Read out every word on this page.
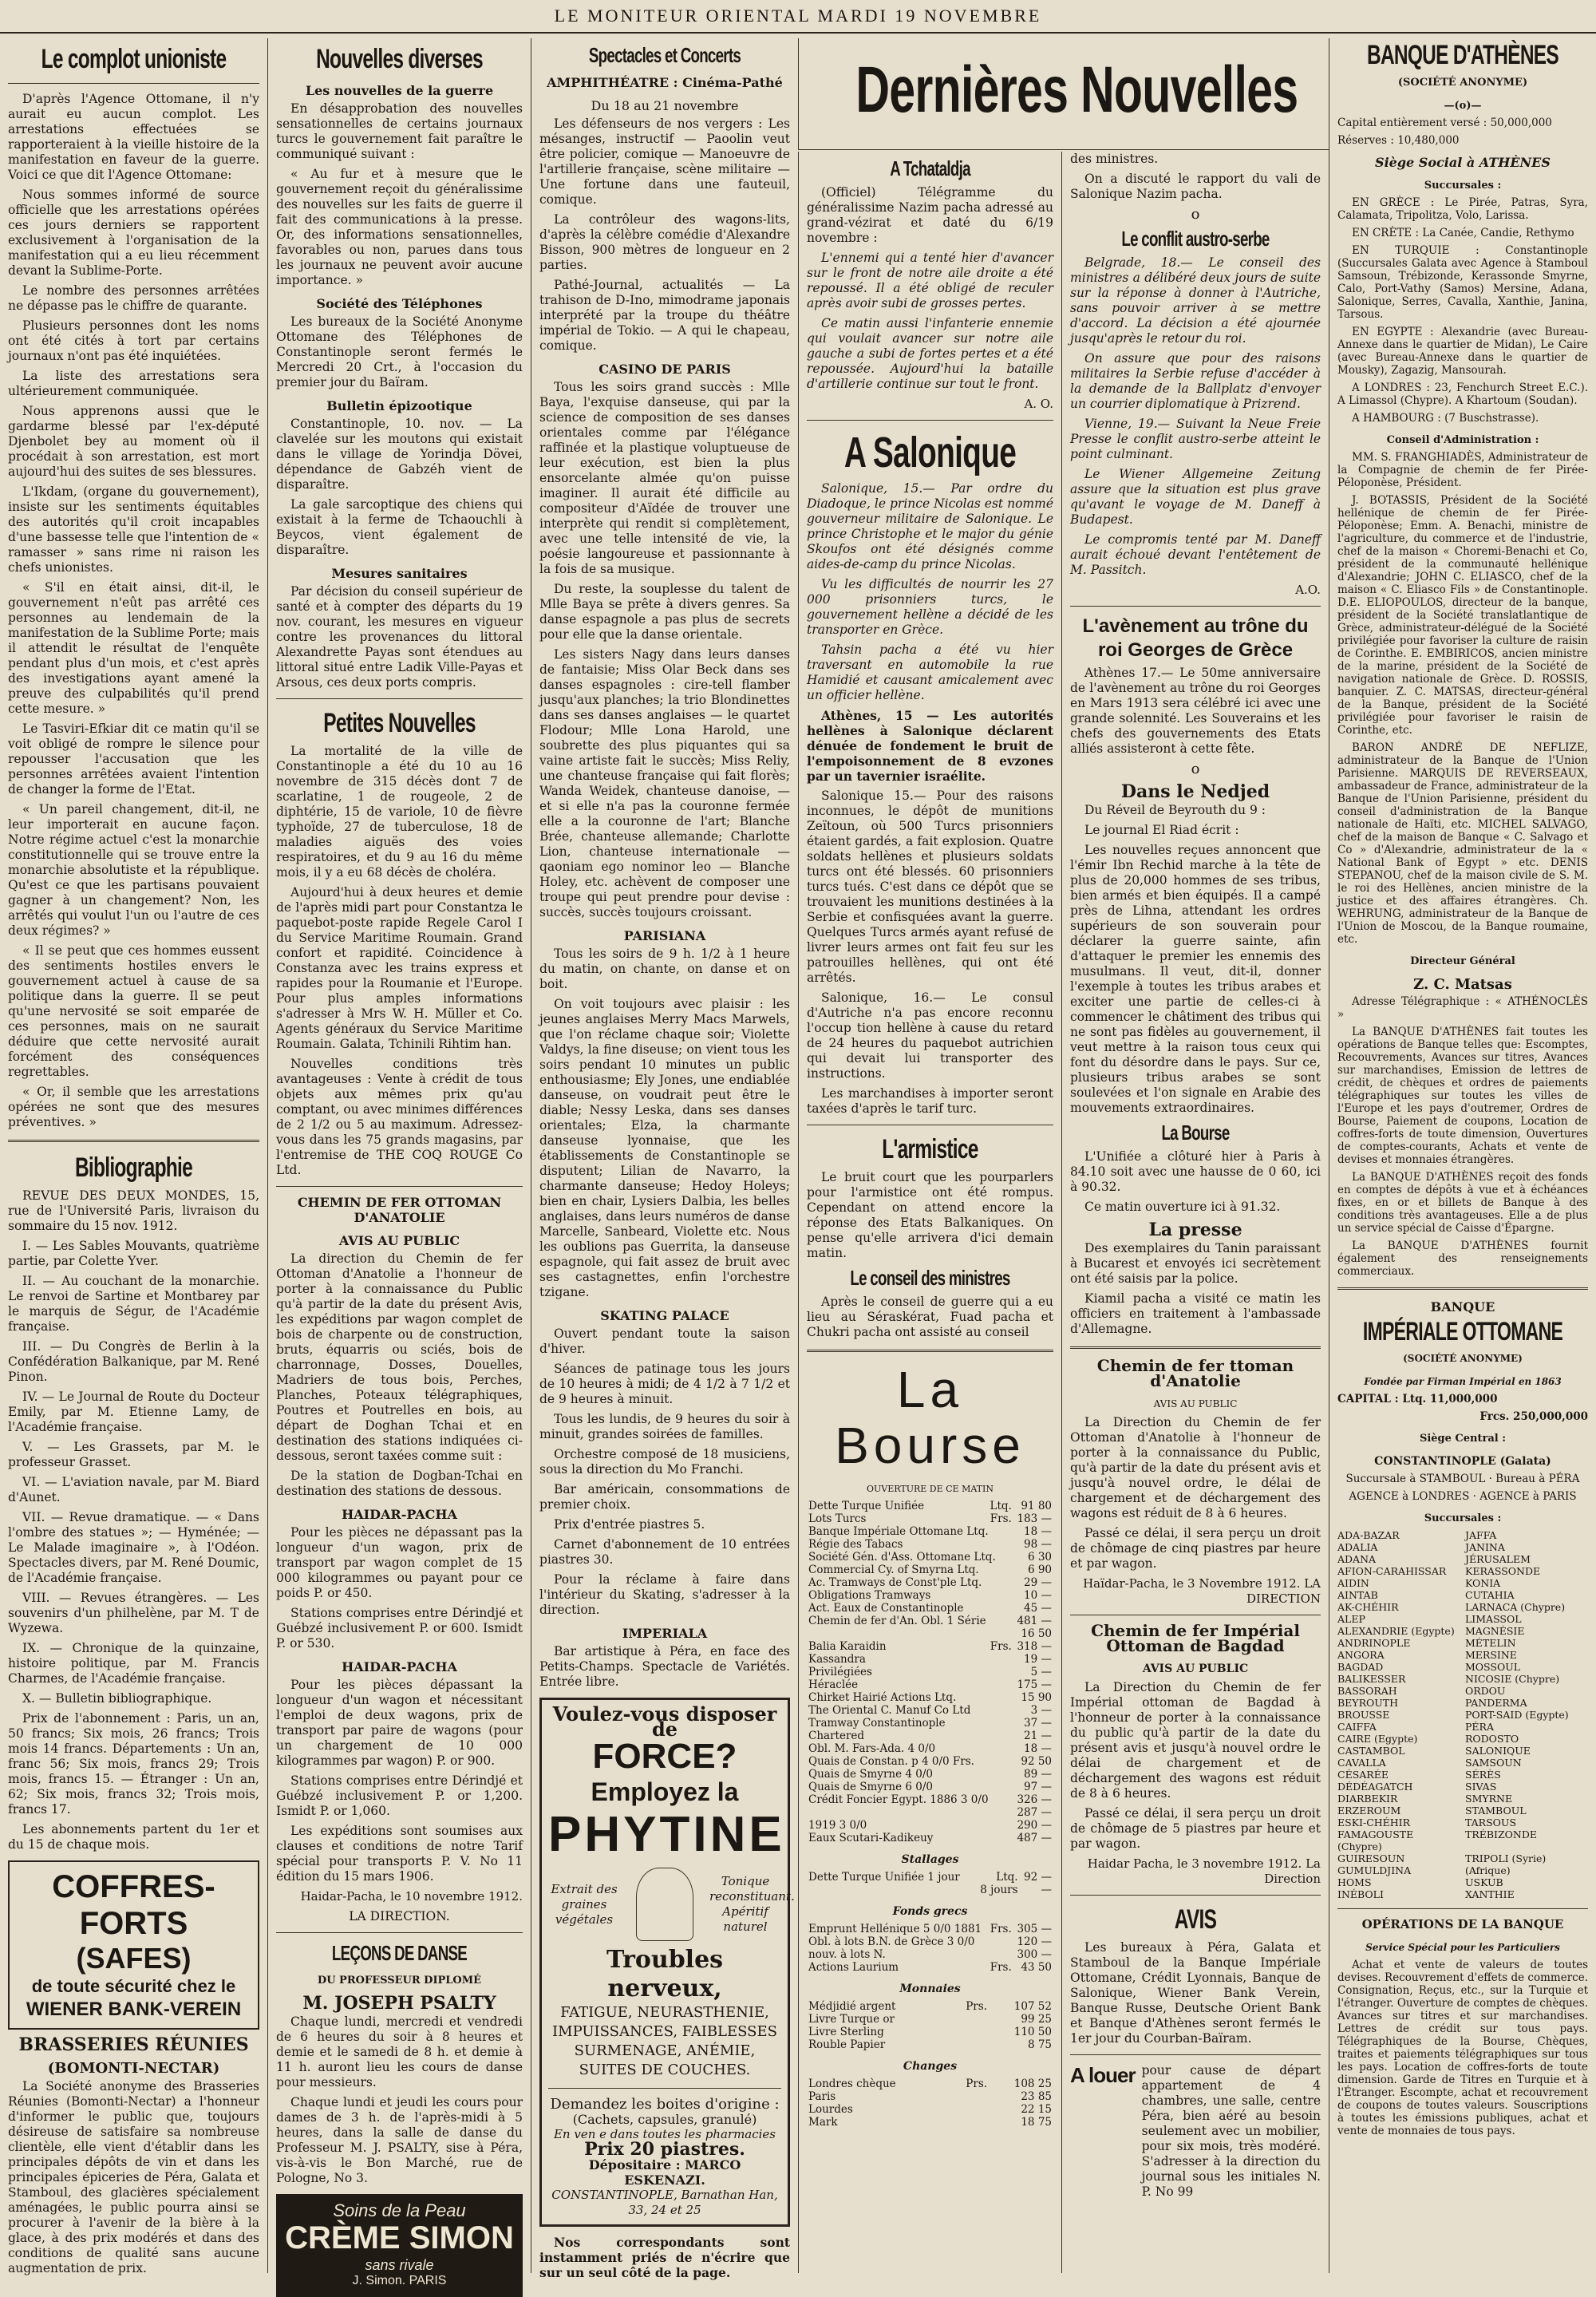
LE MONITEUR ORIENTAL MARDI 19 NOVEMBRE
Le complot unioniste

D'après l'Agence Ottomane, il n'y aurait eu aucun complot. Les arrestations effectuées se rapporteraient à la vieille histoire de la manifestation en faveur de la guerre. Voici ce que dit l'Agence Ottomane:

Nous sommes informé de source officielle que les arrestations opérées ces jours derniers se rapportent exclusivement à l'organisation de la manifestation qui a eu lieu récemment devant la Sublime-Porte.

Le nombre des personnes arrêtées ne dépasse pas le chiffre de quarante.

Plusieurs personnes dont les noms ont été cités à tort par certains journaux n'ont pas été inquiétées.

La liste des arrestations sera ultérieurement communiquée.

Nous apprenons aussi que le gardarme blessé par l'ex-député Djenbolet bey au moment où il procédait à son arrestation, est mort aujourd'hui des suites de ses blessures.

L'Ikdam, (organe du gouvernement), insiste sur les sentiments équitables des autorités qu'il croit incapables d'une bassesse telle que l'intention de « ramasser » sans rime ni raison les chefs unionistes.

« S'il en était ainsi, dit-il, le gouvernement n'eût pas arrêté ces personnes au lendemain de la manifestation de la Sublime Porte; mais il attendit le résultat de l'enquête pendant plus d'un mois, et c'est après des investigations ayant amené la preuve des culpabilités qu'il prend cette mesure. »

Le Tasviri-Efkiar dit ce matin qu'il se voit obligé de rompre le silence pour repousser l'accusation que les personnes arrêtées avaient l'intention de changer la forme de l'Etat.

« Un pareil changement, dit-il, ne leur importerait en aucune façon. Notre régime actuel c'est la monarchie constitutionnelle qui se trouve entre la monarchie absolutiste et la république. Qu'est ce que les partisans pouvaient gagner à un changement? Non, les arrêtés qui voulut l'un ou l'autre de ces deux régimes? »

« Il se peut que ces hommes eussent des sentiments hostiles envers le gouvernement actuel à cause de sa politique dans la guerre. Il se peut qu'une nervosité se soit emparée de ces personnes, mais on ne saurait déduire que cette nervosité aurait forcément des conséquences regrettables.

« Or, il semble que les arrestations opérées ne sont que des mesures préventives. »

Bibliographie

REVUE DES DEUX MONDES, 15, rue de l'Université Paris, livraison du sommaire du 15 nov. 1912.

I. — Les Sables Mouvants, quatrième partie, par Colette Yver.

II. — Au couchant de la monarchie. Le renvoi de Sartine et Montbarey par le marquis de Ségur, de l'Académie française.

III. — Du Congrès de Berlin à la Confédération Balkanique, par M. René Pinon.

IV. — Le Journal de Route du Docteur Emily, par M. Etienne Lamy, de l'Académie française.

V. — Les Grassets, par M. le professeur Grasset.

VI. — L'aviation navale, par M. Biard d'Aunet.

VII. — Revue dramatique. — « Dans l'ombre des statues »; — Hyménée; — Le Malade imaginaire », à l'Odéon. Spectacles divers, par M. René Doumic, de l'Académie française.

VIII. — Revues étrangères. — Les souvenirs d'un philhelène, par M. T de Wyzewa.

IX. — Chronique de la quinzaine, histoire politique, par M. Francis Charmes, de l'Académie française.

X. — Bulletin bibliographique.

Prix de l'abonnement : Paris, un an, 50 francs; Six mois, 26 francs; Trois mois 14 francs. Départements : Un an, franc 56; Six mois, francs 29; Trois mois, francs 15. — Étranger : Un an, 62; Six mois, francs 32; Trois mois, francs 17.

Les abonnements partent du 1er et du 15 de chaque mois.

COFFRES-FORTS
(SAFES)
de toute sécurité chez le
WIENER BANK-VEREIN
BRASSERIES RÉUNIES
(BOMONTI-NECTAR)

La Société anonyme des Brasseries Réunies (Bomonti-Nectar) a l'honneur d'informer le public que, toujours désireuse de satisfaire sa nombreuse clientèle, elle vient d'établir dans les principales dépôts de vin et dans les principales épiceries de Péra, Galata et Stamboul, des glacières spécialement aménagées, le public pourra ainsi se procurer à l'avenir de la bière à la glace, à des prix modérés et dans des conditions de qualité sans aucune augmentation de prix.

Nouvelles diverses
Les nouvelles de la guerre

En désapprobation des nouvelles sensationnelles de certains journaux turcs le gouvernement fait paraître le communiqué suivant :

« Au fur et à mesure que le gouvernement reçoit du généralissime des nouvelles sur les faits de guerre il fait des communications à la presse. Or, des informations sensationnelles, favorables ou non, parues dans tous les journaux ne peuvent avoir aucune importance. »

Société des Téléphones

Les bureaux de la Société Anonyme Ottomane des Téléphones de Constantinople seront fermés le Mercredi 20 Crt., à l'occasion du premier jour du Baïram.

Bulletin épizootique

Constantinople, 10. nov. — La clavelée sur les moutons qui existait dans le village de Yorindja Dövei, dépendance de Gabzéh vient de disparaître.

La gale sarcoptique des chiens qui existait à la ferme de Tchaouchli à Beycos, vient également de disparaître.

Mesures sanitaires

Par décision du conseil supérieur de santé et à compter des départs du 19 nov. courant, les mesures en vigueur contre les provenances du littoral Alexandrette Payas sont étendues au littoral situé entre Ladik Ville-Payas et Arsous, ces deux ports compris.

Petites Nouvelles

La mortalité de la ville de Constantinople a été du 10 au 16 novembre de 315 décès dont 7 de scarlatine, 1 de rougeole, 2 de diphtérie, 15 de variole, 10 de fièvre typhoïde, 27 de tuberculose, 18 de maladies aiguës des voies respiratoires, et du 9 au 16 du même mois, il y a eu 68 décès de choléra.

Aujourd'hui à deux heures et demie de l'après midi part pour Constantza le paquebot-poste rapide Regele Carol I du Service Maritime Roumain. Grand confort et rapidité. Coincidence à Constanza avec les trains express et rapides pour la Roumanie et l'Europe. Pour plus amples informations s'adresser à Mrs W. H. Müller et Co. Agents généraux du Service Maritime Roumain. Galata, Tchinili Rihtim han.

Nouvelles conditions très avantageuses : Vente à crédit de tous objets aux mêmes prix qu'au comptant, ou avec minimes différences de 2 1/2 ou 5 au maximum. Adressez-vous dans les 75 grands magasins, par l'entremise de THE COQ ROUGE Co Ltd.

CHEMIN DE FER OTTOMAN D'ANATOLIE
AVIS AU PUBLIC

La direction du Chemin de fer Ottoman d'Anatolie a l'honneur de porter à la connaissance du Public qu'à partir de la date du présent Avis, les expéditions par wagon complet de bois de charpente ou de construction, bruts, équarris ou sciés, bois de charronnage, Dosses, Douelles, Madriers de tous bois, Perches, Planches, Poteaux télégraphiques, Poutres et Poutrelles en bois, au départ de Doghan Tchai et en destination des stations indiquées ci-dessous, seront taxées comme suit :

De la station de Dogban-Tchai en destination des stations de dessous.

HAIDAR-PACHA

Pour les pièces ne dépassant pas la longueur d'un wagon, prix de transport par wagon complet de 15 000 kilogrammes ou payant pour ce poids P. or 450.

Stations comprises entre Dérindjé et Guébzé inclusivement P. or 600. Ismidt P. or 530.

HAIDAR-PACHA

Pour les pièces dépassant la longueur d'un wagon et nécessitant l'emploi de deux wagons, prix de transport par paire de wagons (pour un chargement de 10 000 kilogrammes par wagon) P. or 900.

Stations comprises entre Dérindjé et Guébzé inclusivement P. or 1,200. Ismidt P. or 1,060.

Les expéditions sont soumises aux clauses et conditions de notre Tarif spécial pour transports P. V. No 11 édition du 15 mars 1906.

Haidar-Pacha, le 10 novembre 1912.

LA DIRECTION.

LEÇONS DE DANSE
DU PROFESSEUR DIPLOMÉ
M. JOSEPH PSALTY

Chaque lundi, mercredi et vendredi de 6 heures du soir à 8 heures et demie et le samedi de 8 h. et demie à 11 h. auront lieu les cours de danse pour messieurs.

Chaque lundi et jeudi les cours pour dames de 3 h. de l'après-midi à 5 heures, dans la salle de danse du Professeur M. J. PSALTY, sise à Péra, vis-à-vis le Bon Marché, rue de Pologne, No 3.

Soins de la Peau
CRÈME SIMON
sans rivale
J. Simon. PARIS
Spectacles et Concerts
AMPHITHÉATRE : Cinéma-Pathé
Du 18 au 21 novembre

Les défenseurs de nos vergers : Les mésanges, instructif — Paoolin veut être policier, comique — Manoeuvre de l'artillerie française, scène militaire — Une fortune dans une fauteuil, comique.

La contrôleur des wagons-lits, d'après la célèbre comédie d'Alexandre Bisson, 900 mètres de longueur en 2 parties.

Pathé-Journal, actualités — La trahison de D-Ino, mimodrame japonais interprété par la troupe du théâtre impérial de Tokio. — A qui le chapeau, comique.

CASINO DE PARIS

Tous les soirs grand succès : Mlle Baya, l'exquise danseuse, qui par la science de composition de ses danses orientales comme par l'élégance raffinée et la plastique voluptueuse de leur exécution, est bien la plus ensorcelante almée qu'on puisse imaginer. Il aurait été difficile au compositeur d'Aïdée de trouver une interprète qui rendit si complètement, avec une telle intensité de vie, la poésie langoureuse et passionnante à la fois de sa musique.

Du reste, la souplesse du talent de Mlle Baya se prête à divers genres. Sa danse espagnole a pas plus de secrets pour elle que la danse orientale.

Les sisters Nagy dans leurs danses de fantaisie; Miss Olar Beck dans ses danses espagnoles : cire-tell flamber jusqu'aux planches; la trio Blondinettes dans ses danses anglaises — le quartet Flodour; Mlle Lona Harold, une soubrette des plus piquantes qui sa vaine artiste fait le succès; Miss Reliy, une chanteuse française qui fait florès; Wanda Weidek, chanteuse danoise, — et si elle n'a pas la couronne fermée elle a la couronne de l'art; Blanche Brée, chanteuse allemande; Charlotte Lion, chanteuse internationale — qaoniam ego nominor leo — Blanche Holey, etc. achèvent de composer une troupe qui peut prendre pour devise : succès, succès toujours croissant.

PARISIANA

Tous les soirs de 9 h. 1/2 à 1 heure du matin, on chante, on danse et on boit.

On voit toujours avec plaisir : les jeunes anglaises Merry Macs Marwels, que l'on réclame chaque soir; Violette Valdys, la fine diseuse; on vient tous les soirs pendant 10 minutes un public enthousiasme; Ely Jones, une endiablée danseuse, on voudrait peut être le diable; Nessy Leska, dans ses danses orientales; Elza, la charmante danseuse lyonnaise, que les établissements de Constantinople se disputent; Lilian de Navarro, la charmante danseuse; Hedoy Holeys; bien en chair, Lysiers Dalbia, les belles anglaises, dans leurs numéros de danse Marcelle, Sanbeard, Violette etc. Nous les oublions pas Guerrita, la danseuse espagnole, qui fait assez de bruit avec ses castagnettes, enfin l'orchestre tzigane.

SKATING PALACE

Ouvert pendant toute la saison d'hiver.

Séances de patinage tous les jours de 10 heures à midi; de 4 1/2 à 7 1/2 et de 9 heures à minuit.

Tous les lundis, de 9 heures du soir à minuit, grandes soirées de familles.

Orchestre composé de 18 musiciens, sous la direction du Mo Franchi.

Bar américain, consommations de premier choix.

Prix d'entrée piastres 5.

Carnet d'abonnement de 10 entrées piastres 30.

Pour la réclame à faire dans l'intérieur du Skating, s'adresser à la direction.

IMPERIALA

Bar artistique à Péra, en face des Petits-Champs. Spectacle de Variétés. Entrée libre.

Voulez-vous disposer de
FORCE?
Employez la
PHYTINE
Extrait des graines végétales
Tonique reconstituant. Apéritif naturel
Troubles nerveux,
FATIGUE, NEURASTHENIE, IMPUISSANCES, FAIBLESSES SURMENAGE, ANÉMIE, SUITES DE COUCHES.
Demandez les boites d'origine :
(Cachets, capsules, granulé)
En ven e dans toutes les pharmacies
Prix 20 piastres.
Dépositaire : MARCO ESKENAZI.
CONSTANTINOPLE, Barnathan Han, 33, 24 et 25

Nos correspondants sont instamment priés de n'écrire que sur un seul côté de la page.

Dernières Nouvelles
A Tchataldja

(Officiel) Télégramme du généralissime Nazim pacha adressé au grand-vézirat et daté du 6/19 novembre :

L'ennemi qui a tenté hier d'avancer sur le front de notre aile droite a été repoussé. Il a été obligé de reculer après avoir subi de grosses pertes.

Ce matin aussi l'infanterie ennemie qui voulait avancer sur notre aile gauche a subi de fortes pertes et a été repoussée. Aujourd'hui la bataille d'artillerie continue sur tout le front.

A. O.

A Salonique

Salonique, 15.— Par ordre du Diadoque, le prince Nicolas est nommé gouverneur militaire de Salonique. Le prince Christophe et le major du génie Skoufos ont été désignés comme aides-de-camp du prince Nicolas.

Vu les difficultés de nourrir les 27 000 prisonniers turcs, le gouvernement hellène a décidé de les transporter en Grèce.

Tahsin pacha a été vu hier traversant en automobile la rue Hamidié et causant amicalement avec un officier hellène.

Athènes, 15 — Les autorités hellènes à Salonique déclarent dénuée de fondement le bruit de l'empoisonnement de 8 evzones par un tavernier israélite.

Salonique 15.— Pour des raisons inconnues, le dépôt de munitions Zeïtoun, où 500 Turcs prisonniers étaient gardés, a fait explosion. Quatre soldats hellènes et plusieurs soldats turcs ont été blessés. 60 prisonniers turcs tués. C'est dans ce dépôt que se trouvaient les munitions destinées à la Serbie et confisquées avant la guerre. Quelques Turcs armés ayant refusé de livrer leurs armes ont fait feu sur les patrouilles hellènes, qui ont été arrêtés.

Salonique, 16.— Le consul d'Autriche n'a pas encore reconnu l'occup tion hellène à cause du retard de 24 heures du paquebot autrichien qui devait lui transporter des instructions.

Les marchandises à importer seront taxées d'après le tarif turc.

L'armistice

Le bruit court que les pourparlers pour l'armistice ont été rompus. Cependant on attend encore la réponse des Etats Balkaniques. On pense qu'elle arrivera d'ici demain matin.

Le conseil des ministres

Après le conseil de guerre qui a eu lieu au Séraskérat, Fuad pacha et Chukri pacha ont assisté au conseil

La Bourse
OUVERTURE DE CE MATIN
Dette Turque Unifiée	Ltq.	91 80
Lots Turcs	Frs.	183 —
Banque Impériale Ottomane Ltq.		18 —
Régie des Tabacs		98 —
Société Gén. d'Ass. Ottomane Ltq.		6 30
Commercial Cy. of Smyrna Ltq.		6 90
Ac. Tramways de Const'ple Ltq.		29 —
Obligations Tramways		10 —
Act. Eaux de Constantinople		45 —
Chemin de fer d'An. Obl. 1 Série		481 —
		16 50
Balia Karaidin	Frs.	318 —
Kassandra		19 —
Privilégiées		5 —
Héraclée		175 —
Chirket Hairié Actions Ltq.		15 90
The Oriental C. Manuf Co Ltd		3 —
Tramway Constantinople		37 —
Chartered		21 —
Obl. M. Fars-Ada. 4 0/0		18 —
Quais de Constan. p 4 0/0 Frs.		92 50
Quais de Smyrne 4 0/0		89 —
Quais de Smyrne 6 0/0		97 —
Crédit Foncier Egypt. 1886 3 0/0		326 —
		287 —
1919 3 0/0		290 —
Eaux Scutari-Kadikeuy		487 —
Stallages
Dette Turque Unifiée 1 jour	Ltq.	92 —
	8 jours	—
Fonds grecs
Emprunt Hellénique 5 0/0 1881	Frs.	305 —
Obl. à lots B.N. de Grèce 3 0/0		120 —
nouv. à lots N.		300 —
Actions Laurium	Frs.	43 50
Monnaies
Médjidié argent	Prs.	107 52
Livre Turque or		99 25
Livre Sterling		110 50
Rouble Papier		8 75
Changes
Londres chèque	Prs.	108 25
Paris		23 85
Lourdes		22 15
Mark		18 75

des ministres.

On a discuté le rapport du vali de Salonique Nazim pacha.

o

Le conflit austro-serbe

Belgrade, 18.— Le conseil des ministres a délibéré deux jours de suite sur la réponse à donner à l'Autriche, sans pouvoir arriver à se mettre d'accord. La décision a été ajournée jusqu'après le retour du roi.

On assure que pour des raisons militaires la Serbie refuse d'accéder à la demande de la Ballplatz d'envoyer un courrier diplomatique à Prizrend.

Vienne, 19.— Suivant la Neue Freie Presse le conflit austro-serbe atteint le point culminant.

Le Wiener Allgemeine Zeitung assure que la situation est plus grave qu'avant le voyage de M. Daneff à Budapest.

Le compromis tenté par M. Daneff aurait échoué devant l'entêtement de M. Passitch.

A.O.

L'avènement au trône du roi Georges de Grèce

Athènes 17.— Le 50me anniversaire de l'avènement au trône du roi Georges en Mars 1913 sera célébré ici avec une grande solennité. Les Souverains et les chefs des gouvernements des Etats alliés assisteront à cette fête.

o

Dans le Nedjed

Du Réveil de Beyrouth du 9 :

Le journal El Riad écrit :

Les nouvelles reçues annoncent que l'émir Ibn Rechid marche à la tête de plus de 20,000 hommes de ses tribus, bien armés et bien équipés. Il a campé près de Lihna, attendant les ordres supérieurs de son souverain pour déclarer la guerre sainte, afin d'attaquer le premier les ennemis des musulmans. Il veut, dit-il, donner l'exemple à toutes les tribus arabes et exciter une partie de celles-ci à commencer le châtiment des tribus qui ne sont pas fidèles au gouvernement, il veut mettre à la raison tous ceux qui font du désordre dans le pays. Sur ce, plusieurs tribus arabes se sont soulevées et l'on signale en Arabie des mouvements extraordinaires.

La Bourse

L'Unifiée a clôturé hier à Paris à 84.10 soit avec une hausse de 0 60, ici à 90.32.

Ce matin ouverture ici à 91.32.

La presse

Des exemplaires du Tanin paraissant à Bucarest et envoyés ici secrètement ont été saisis par la police.

Kiamil pacha a visité ce matin les officiers en traitement à l'ambassade d'Allemagne.

Chemin de fer ttoman d'Anatolie
AVIS AU PUBLIC

La Direction du Chemin de fer Ottoman d'Anatolie à l'honneur de porter à la connaissance du Public, qu'à partir de la date du présent avis et jusqu'à nouvel ordre, le délai de chargement et de déchargement des wagons est réduit de 8 à 6 heures.

Passé ce délai, il sera perçu un droit de chômage de cinq piastres par heure et par wagon.

Haïdar-Pacha, le 3 Novembre 1912. LA DIRECTION

Chemin de fer Impérial Ottoman de Bagdad
AVIS AU PUBLIC

La Direction du Chemin de fer Impérial ottoman de Bagdad à l'honneur de porter à la connaissance du public qu'à partir de la date du présent avis et jusqu'à nouvel ordre le délai de chargement et de déchargement des wagons est réduit de 8 à 6 heures.

Passé ce délai, il sera perçu un droit de chômage de 5 piastres par heure et par wagon.

Haidar Pacha, le 3 novembre 1912. La Direction

AVIS

Les bureaux à Péra, Galata et Stamboul de la Banque Impériale Ottomane, Crédit Lyonnais, Banque de Salonique, Wiener Bank Verein, Banque Russe, Deutsche Orient Bank et Banque d'Athènes seront fermés le 1er jour du Courban-Baïram.

A louer pour cause de départ appartement de 4 chambres, une salle, centre Péra, bien aéré au besoin seulement avec un mobilier, pour six mois, très modéré. S'adresser à la direction du journal sous les initiales N. P. No 99

BANQUE D'ATHÈNES
(SOCIÉTÉ ANONYME)
—(o)—

Capital entièrement versé : 50,000,000

Réserves : 10,480,000

Siège Social à ATHÈNES
Succursales :

EN GRÈCE : Le Pirée, Patras, Syra, Calamata, Tripolitza, Volo, Larissa.

EN CRÈTE : La Canée, Candie, Rethymo

EN TURQUIE : Constantinople (Succursales Galata avec Agence à Stamboul Samsoun, Trébizonde, Kerassonde Smyrne, Calo, Port-Vathy (Samos) Mersine, Adana, Salonique, Serres, Cavalla, Xanthie, Janina, Tarsous.

EN EGYPTE : Alexandrie (avec Bureau-Annexe dans le quartier de Midan), Le Caire (avec Bureau-Annexe dans le quartier de Mousky), Zagazig, Mansourah.

A LONDRES : 23, Fenchurch Street E.C.). A Limassol (Chypre). A Khartoum (Soudan).

A HAMBOURG : (7 Buschstrasse).

Conseil d'Administration :

MM. S. FRANGHIADÈS, Administrateur de la Compagnie de chemin de fer Pirée-Péloponèse, Président.

J. BOTASSIS, Président de la Société hellénique de chemin de fer Pirée-Péloponèse; Emm. A. Benachi, ministre de l'agriculture, du commerce et de l'industrie, chef de la maison « Choremi-Benachi et Co, président de la communauté hellénique d'Alexandrie; JOHN C. ELIASCO, chef de la maison « C. Eliasco Fils » de Constantinople. D.E. ELIOPOULOS, directeur de la banque, président de la Société translatlantique de Grèce, administrateur-délégué de la Société privilégiée pour favoriser la culture de raisin de Corinthe. E. EMBIRICOS, ancien ministre de la marine, président de la Société de navigation nationale de Grèce. D. ROSSIS, banquier. Z. C. MATSAS, directeur-général de la Banque, président de la Société privilégiée pour favoriser le raisin de Corinthe, etc.

BARON ANDRÉ DE NEFLIZE, administrateur de la Banque de l'Union Parisienne. MARQUIS DE REVERSEAUX, ambassadeur de France, administrateur de la Banque de l'Union Parisienne, président du conseil d'administration de la Banque nationale de Haïti, etc. MICHEL SALVAGO, chef de la maison de Banque « C. Salvago et Co » d'Alexandrie, administrateur de la « National Bank of Egypt » etc. DENIS STEPANOU, chef de la maison civile de S. M. le roi des Hellènes, ancien ministre de la justice et des affaires étrangères. Ch. WEHRUNG, administrateur de la Banque de l'Union de Moscou, de la Banque roumaine, etc.

Directeur Général
Z. C. Matsas

Adresse Télégraphique : « ATHÉNOCLÈS »

La BANQUE D'ATHÈNES fait toutes les opérations de Banque telles que: Escomptes, Recouvrements, Avances sur titres, Avances sur marchandises, Emission de lettres de crédit, de chèques et ordres de paiements télégraphiques sur toutes les villes de l'Europe et les pays d'outremer, Ordres de Bourse, Paiement de coupons, Location de coffres-forts de toute dimension, Ouvertures de comptes-courants, Achats et vente de devises et monnaies étrangères.

La BANQUE D'ATHÈNES reçoit des fonds en comptes de dépôts à vue et à échéances fixes, en or et billets de Banque à des conditions très avantageuses. Elle a de plus un service spécial de Caisse d'Épargne.

La BANQUE D'ATHÈNES fournit également des renseignements commerciaux.

BANQUE
IMPÉRIALE OTTOMANE
(SOCIÉTÉ ANONYME)
Fondée par Firman Impérial en 1863

CAPITAL : Ltq. 11,000,000

Frcs. 250,000,000

Siège Central :
CONSTANTINOPLE (Galata)

Succursale à STAMBOUL · Bureau à PÉRA

AGENCE à LONDRES · AGENCE à PARIS

Succursales :
ADA-BAZAR	JAFFA
ADALIA	JANINA
ADANA	JÉRUSALEM
AFION-CARAHISSAR	KERASSONDE
AIDIN	KONIA
AINTAB	CUTAHIA
AK-CHÉHIR	LARNACA (Chypre)
ALEP	LIMASSOL
ALEXANDRIE (Egypte)	MAGNÉSIE
ANDRINOPLE	MÉTELIN
ANGORA	MERSINE
BAGDAD	MOSSOUL
BALIKESSER	NICOSIE (Chypre)
BASSORAH	ORDOU
BEYROUTH	PANDERMA
BROUSSE	PORT-SAID (Egypte)
CAIFFA	PÉRA
CAIRE (Egypte)	RODOSTO
CASTAMBOL	SALONIQUE
CAVALLA	SAMSOUN
CÉSARÉE	SÉRÈS
DÉDÉAGATCH	SIVAS
DIARBEKIR	SMYRNE
ERZEROUM	STAMBOUL
ESKI-CHÉHIR	TARSOUS
FAMAGOUSTE (Chypre)
TRÉBIZONDE
GUIRESOUN	TRIPOLI (Syrie)
GUMULDJINA	(Afrique)
HOMS	USKUB
INÉBOLI	XANTHIE
OPÉRATIONS DE LA BANQUE
Service Spécial pour les Particuliers

Achat et vente de valeurs de toutes devises. Recouvrement d'effets de commerce. Consignation, Reçus, etc., sur la Turquie et l'étranger. Ouverture de comptes de chèques. Avances sur titres et sur marchandises. Lettres de crédit sur tous pays. Télégraphiques de la Bourse, Chèques, traites et paiements télégraphiques sur tous les pays. Location de coffres-forts de toute dimension. Garde de Titres en Turquie et à l'Étranger. Escompte, achat et recouvrement de coupons de toutes valeurs. Souscriptions à toutes les émissions publiques, achat et vente de monnaies de tous pays.
